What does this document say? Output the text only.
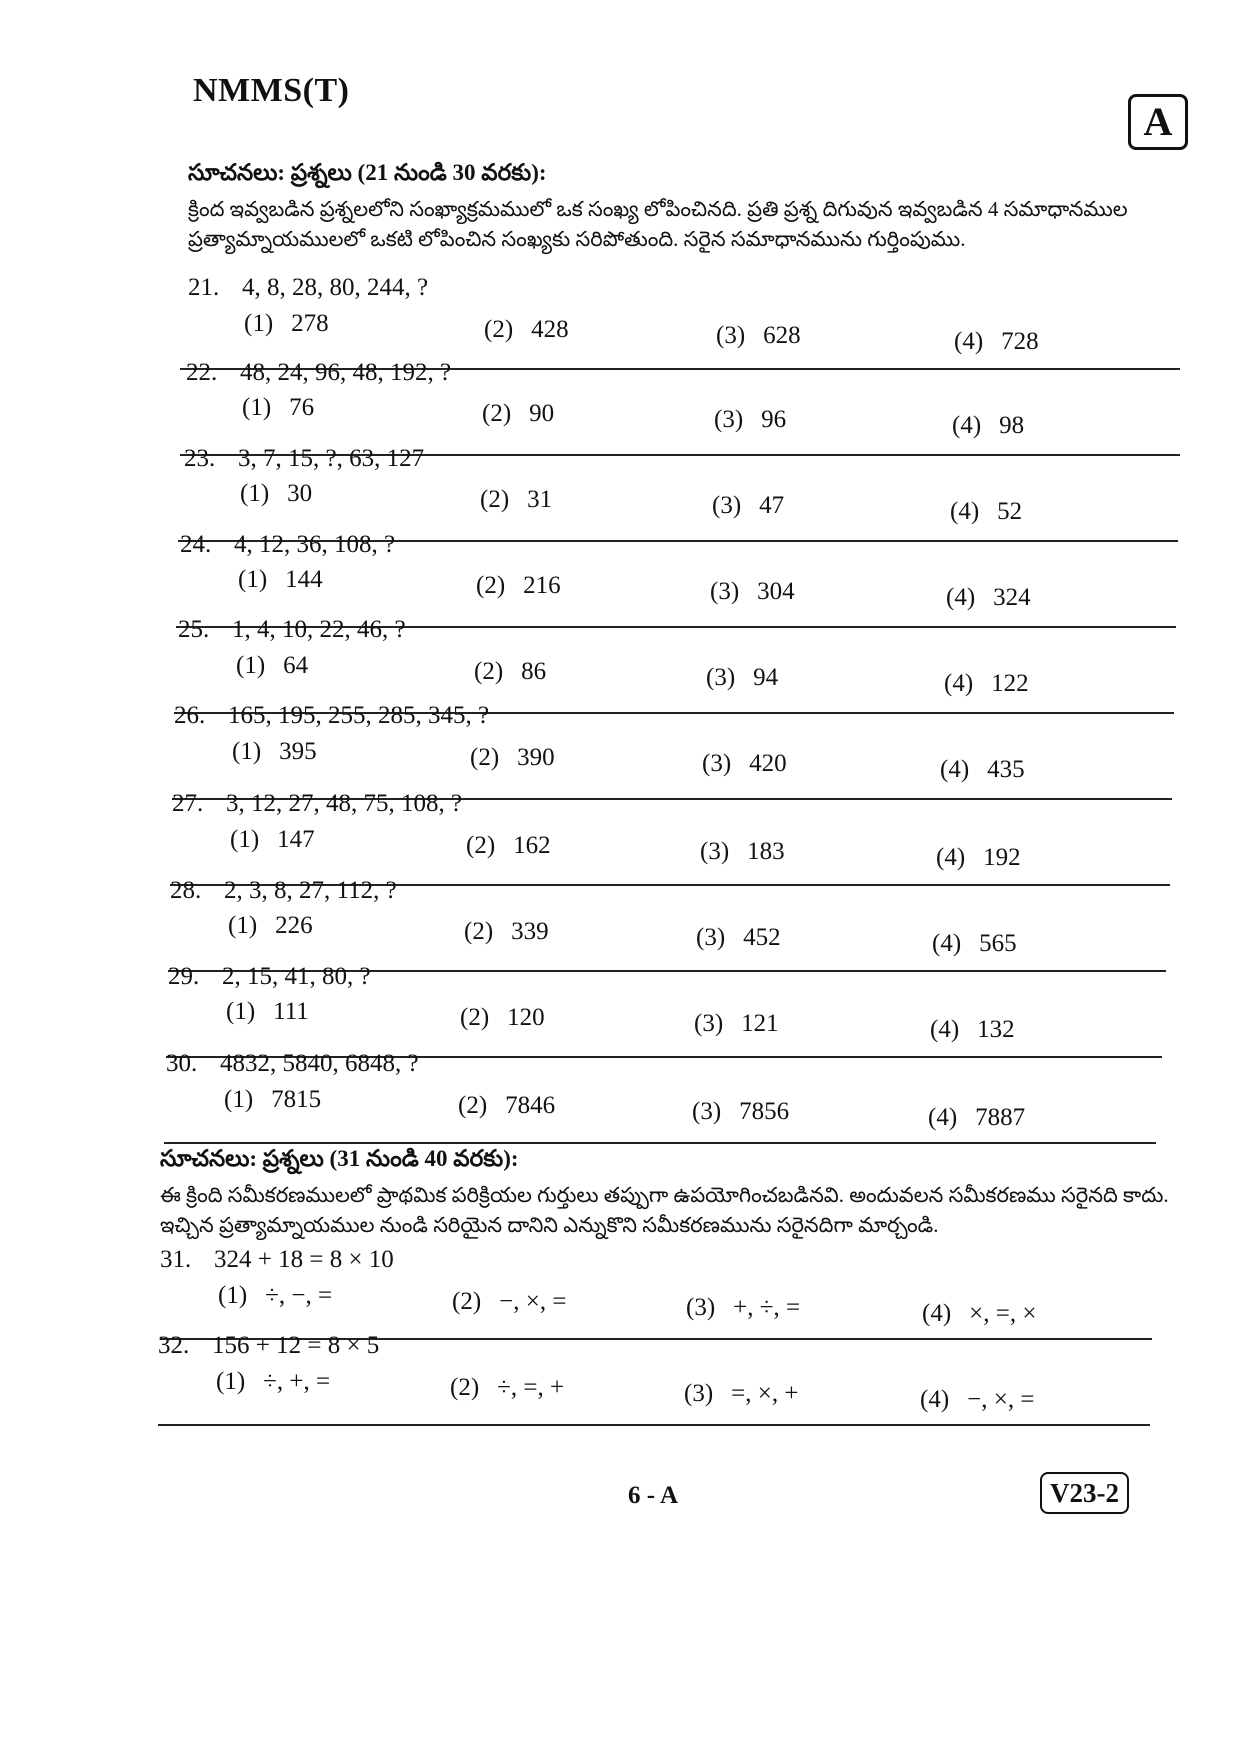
NMMS(T)
A
సూచనలు: ప్రశ్నలు (21 నుండి 30 వరకు):
క్రింద ఇవ్వబడిన ప్రశ్నలలోని సంఖ్యాక్రమములో ఒక సంఖ్య లోపించినది. ప్రతి ప్రశ్న దిగువున ఇవ్వబడిన 4 సమాధానముల ప్రత్యామ్నాయములలో ఒకటి లోపించిన సంఖ్యకు సరిపోతుంది. సరైన సమాధానమును గుర్తింపుము.
21. 4, 8, 28, 80, 244, ?
(1) 278	(2) 428	(3) 628	(4) 728
22. 48, 24, 96, 48, 192, ?
(1) 76	(2) 90	(3) 96	(4) 98
23. 3, 7, 15, ?, 63, 127
(1) 30	(2) 31	(3) 47	(4) 52
24. 4, 12, 36, 108, ?
(1) 144	(2) 216	(3) 304	(4) 324
25. 1, 4, 10, 22, 46, ?
(1) 64	(2) 86	(3) 94	(4) 122
26. 165, 195, 255, 285, 345, ?
(1) 395	(2) 390	(3) 420	(4) 435
27. 3, 12, 27, 48, 75, 108, ?
(1) 147	(2) 162	(3) 183	(4) 192
28. 2, 3, 8, 27, 112, ?
(1) 226	(2) 339	(3) 452	(4) 565
29. 2, 15, 41, 80, ?
(1) 111	(2) 120	(3) 121	(4) 132
30. 4832, 5840, 6848, ?
(1) 7815	(2) 7846	(3) 7856	(4) 7887
31. 324 + 18 = 8 × 10
(1) ÷, −, =	(2) −, ×, =	(3) +, ÷, =	(4) ×, =, ×
32. 156 + 12 = 8 × 5
(1) ÷, +, =	(2) ÷, =, +	(3) =, ×, +	(4) −, ×, =
సూచనలు: ప్రశ్నలు (31 నుండి 40 వరకు):
ఈ క్రింది సమీకరణములలో ప్రాథమిక పరిక్రియల గుర్తులు తప్పుగా ఉపయోగించబడినవి. అందువలన సమీకరణము సరైనది కాదు. ఇచ్చిన ప్రత్యామ్నాయముల నుండి సరియైన దానిని ఎన్నుకొని సమీకరణమును సరైనదిగా మార్చండి.
6 - A	V23-2
